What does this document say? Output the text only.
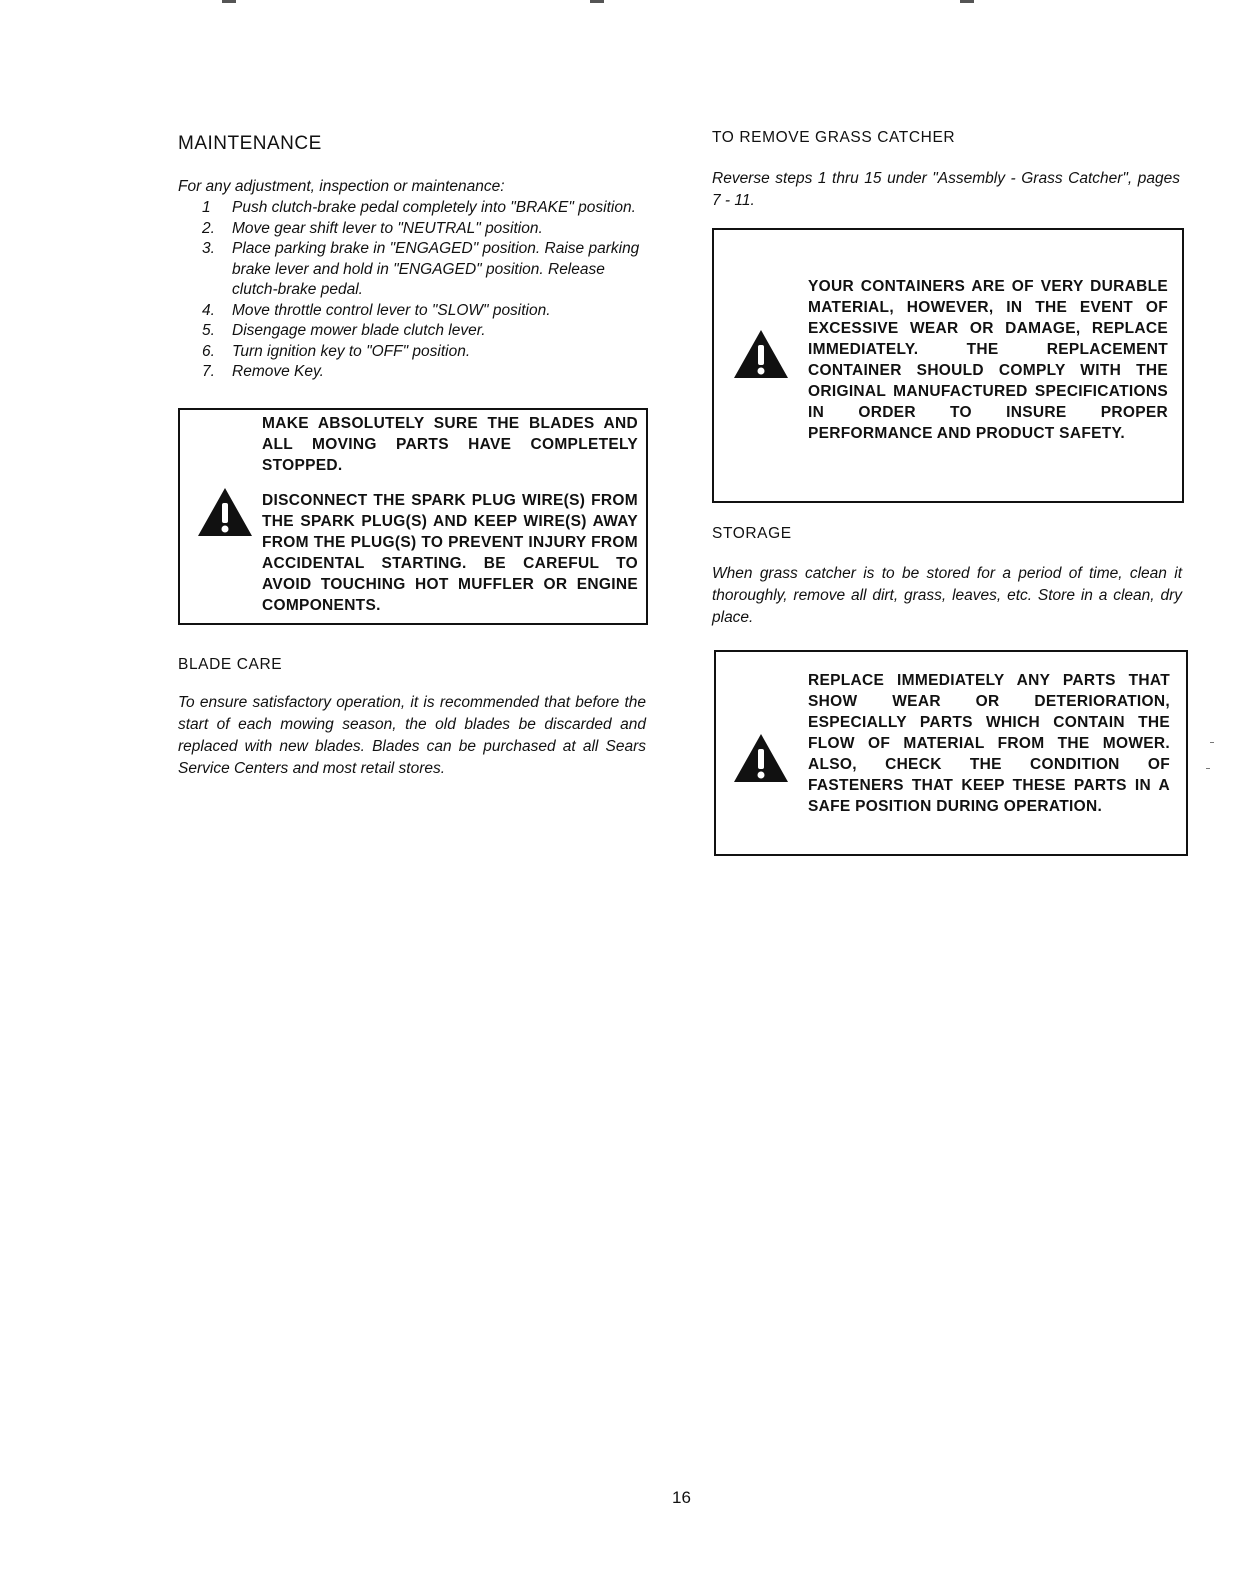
MAINTENANCE

For any adjustment, inspection or maintenance:

1	Push clutch-brake pedal completely into "BRAKE" position.
2.	Move gear shift lever to "NEUTRAL" position.
3.	Place parking brake in "ENGAGED" position. Raise parking brake lever and hold in "ENGAGED" position. Release clutch-brake pedal.
4.	Move throttle control lever to "SLOW" position.
5.	Disengage mower blade clutch lever.
6.	Turn ignition key to "OFF" position.
7.	Remove Key.

MAKE ABSOLUTELY SURE THE BLADES AND ALL MOVING PARTS HAVE COMPLETELY STOPPED.

DISCONNECT THE SPARK PLUG WIRE(S) FROM THE SPARK PLUG(S) AND KEEP WIRE(S) AWAY FROM THE PLUG(S) TO PREVENT INJURY FROM ACCIDENTAL STARTING. BE CAREFUL TO AVOID TOUCHING HOT MUFFLER OR ENGINE COMPONENTS.

BLADE CARE

To ensure satisfactory operation, it is recommended that before the start of each mowing season, the old blades be discarded and replaced with new blades. Blades can be purchased at all Sears Service Centers and most retail stores.

TO REMOVE GRASS CATCHER

Reverse steps 1 thru 15 under "Assembly - Grass Catcher", pages 7 - 11.

YOUR CONTAINERS ARE OF VERY DURABLE MATERIAL, HOWEVER, IN THE EVENT OF EXCESSIVE WEAR OR DAMAGE, REPLACE IMMEDIATELY. THE REPLACEMENT CONTAINER SHOULD COMPLY WITH THE ORIGINAL MANUFACTURED SPECIFICATIONS IN ORDER TO INSURE PROPER PERFORMANCE AND PRODUCT SAFETY.

STORAGE

When grass catcher is to be stored for a period of time, clean it thoroughly, remove all dirt, grass, leaves, etc. Store in a clean, dry place.

REPLACE IMMEDIATELY ANY PARTS THAT SHOW WEAR OR DETERIORATION, ESPECIALLY PARTS WHICH CONTAIN THE FLOW OF MATERIAL FROM THE MOWER. ALSO, CHECK THE CONDITION OF FASTENERS THAT KEEP THESE PARTS IN A SAFE POSITION DURING OPERATION.

16
